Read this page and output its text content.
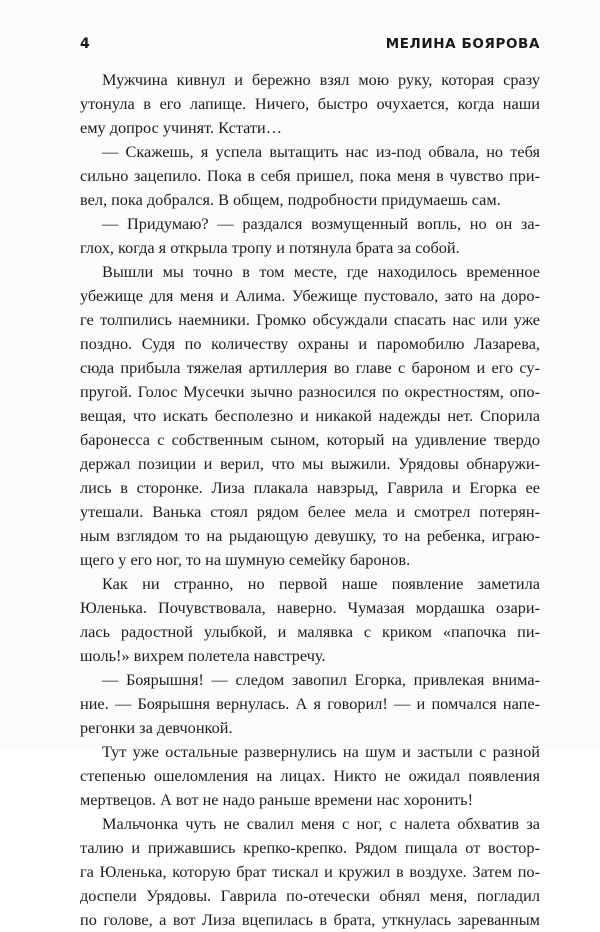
4	МЕЛИНА БОЯРОВА
Мужчина кивнул и бережно взял мою руку, которая сразу
утонула в его лапище. Ничего, быстро очухается, когда наши
ему допрос учинят. Кстати…
— Скажешь, я успела вытащить нас из-под обвала, но тебя
сильно зацепило. Пока в себя пришел, пока меня в чувство при-
вел, пока добрался. В общем, подробности придумаешь сам.
— Придумаю? — раздался возмущенный вопль, но он за-
глох, когда я открыла тропу и потянула брата за собой.
Вышли мы точно в том месте, где находилось временное
убежище для меня и Алима. Убежище пустовало, зато на доро-
ге толпились наемники. Громко обсуждали спасать нас или уже
поздно. Судя по количеству охраны и паромобилю Лазарева,
сюда прибыла тяжелая артиллерия во главе с бароном и его су-
пругой. Голос Мусечки зычно разносился по окрестностям, опо-
вещая, что искать бесполезно и никакой надежды нет. Спорила
баронесса с собственным сыном, который на удивление твердо
держал позиции и верил, что мы выжили. Урядовы обнаружи-
лись в сторонке. Лиза плакала навзрыд, Гаврила и Егорка ее
утешали. Ванька стоял рядом белее мела и смотрел потерян-
ным взглядом то на рыдающую девушку, то на ребенка, играю-
щего у его ног, то на шумную семейку баронов.
Как ни странно, но первой наше появление заметила
Юленька. Почувствовала, наверно. Чумазая мордашка озари-
лась радостной улыбкой, и малявка с криком «папочка пи-
шоль!» вихрем полетела навстречу.
— Боярышня! — следом завопил Егорка, привлекая внима-
ние. — Боярышня вернулась. А я говорил! — и помчался напе-
регонки за девчонкой.
Тут уже остальные развернулись на шум и застыли с разной
степенью ошеломления на лицах. Никто не ожидал появления
мертвецов. А вот не надо раньше времени нас хоронить!
Мальчонка чуть не свалил меня с ног, с налета обхватив за
талию и прижавшись крепко-крепко. Рядом пищала от востор-
га Юленька, которую брат тискал и кружил в воздухе. Затем по-
доспели Урядовы. Гаврила по-отечески обнял меня, погладил
по голове, а вот Лиза вцепилась в брата, уткнулась зареванным
